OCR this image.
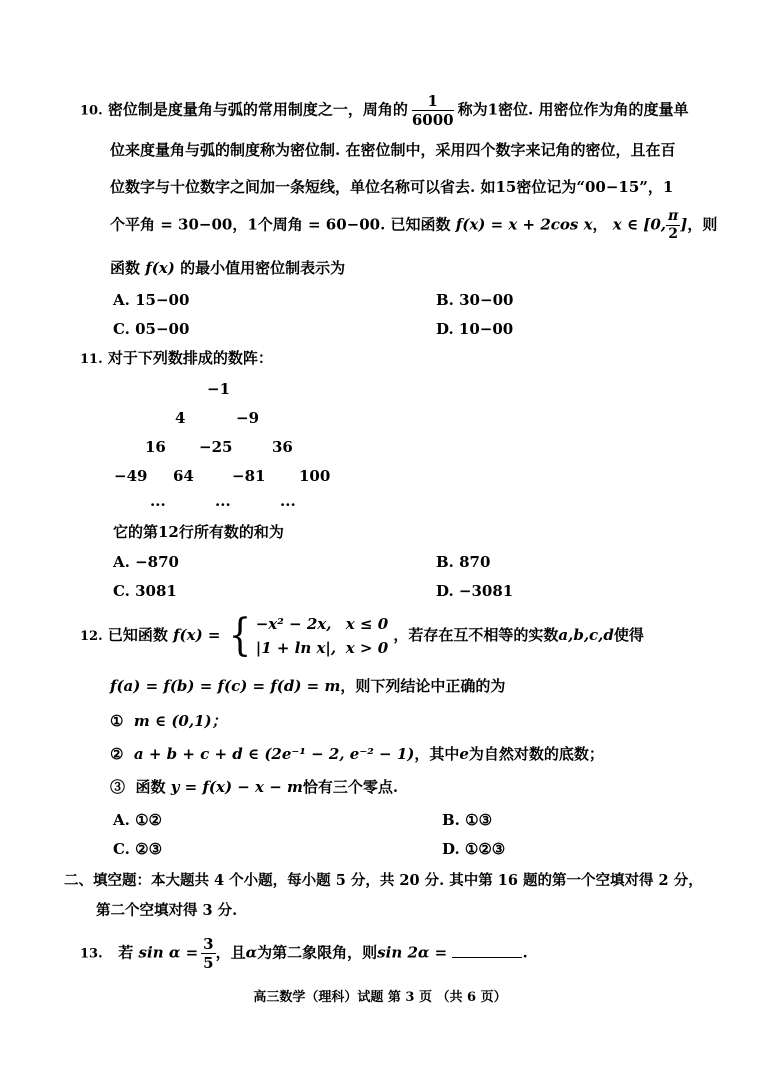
10. 密位制是度量角与弧的常用制度之一，周角的 $\frac{1}{6000}$ 称为1密位. 用密位作为角的度量单
位来度量角与弧的制度称为密位制. 在密位制中，采用四个数字来记角的密位，且在百
位数字与十位数字之间加一条短线，单位名称可以省去. 如15密位记为“00−15”，1
个平角 = 30−00，1个周角 = 60−00. 已知函数 f(x) = x + 2cos x， x ∈ [0, $\frac{\pi}{2}$ ]，则
函数 f(x) 的最小值用密位制表示为
A. 15−00	B. 30−00
C. 05−00	D. 10−00
11. 对于下列数排成的数阵：
−1
4	−9
16 −25	36
−49 64	−81 100
...	...	...
它的第12行所有数的和为
A. −870	B. 870
C. 3081	D. −3081
12. 已知函数 f(x) = { −x² − 2x, x ≤ 0
|1 + ln x|, x > 0
，若存在互不相等的实数a,b,c,d使得
f(a) = f(b) = f(c) = f(d) = m，则下列结论中正确的为
① m ∈ (0,1)；
② a + b + c + d ∈ (2e⁻¹ − 2, e⁻² − 1)，其中e为自然对数的底数；
③ 函数 y = f(x) − x − m恰有三个零点.
A. ①②	B. ①③
C. ②③	D. ①②③
二、填空题：本大题共 4 个小题，每小题 5 分，共 20 分. 其中第 16 题的第一个空填对得 2 分，
第二个空填对得 3 分.
13. 若 $\sin \alpha = \frac{3}{5}$ ，且α为第二象限角，则sin 2α =	.
高三数学（理科）试题 第 3 页 （共 6 页）
